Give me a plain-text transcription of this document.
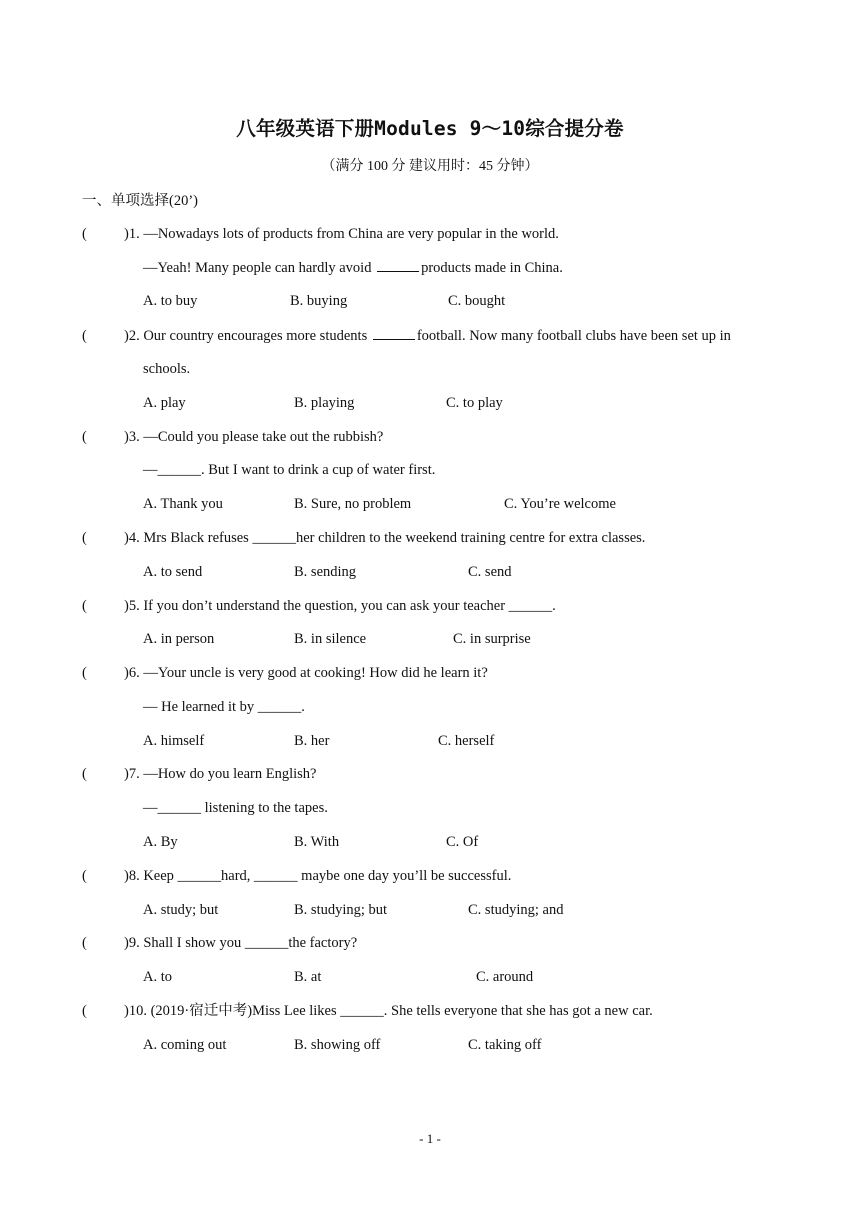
八年级英语下册Modules 9～10综合提分卷
（满分 100 分 建议用时：45 分钟）
一、单项选择(20’)
(	)1. —Nowadays lots of products from China are very popular in the world.
—Yeah! Many people can hardly avoid	products made in China.
A. to buy	B. buying	C. bought
(	)2. Our country encourages more students	football. Now many football clubs have been set up in
schools.
A. play	B. playing	C. to play
(	)3. —Could you please take out the rubbish?
—______. But I want to drink a cup of water first.
A. Thank you	B. Sure, no problem	C. You’re welcome
(	)4. Mrs Black refuses ______her children to the weekend training centre for extra classes.
A. to send	B. sending	C. send
(	)5. If you don’t understand the question, you can ask your teacher ______.
A. in person	B. in silence	C. in surprise
(	)6. —Your uncle is very good at cooking! How did he learn it?
— He learned it by ______.
A. himself	B. her	C. herself
(	)7. —How do you learn English?
—______ listening to the tapes.
A. By	B. With	C. Of
(	)8. Keep ______hard, ______ maybe one day you’ll be successful.
A. study; but	B. studying; but	C. studying; and
(	)9. Shall I show you ______the factory?
A. to	B. at	C. around
(	)10. (2019·宿迁中考)Miss Lee likes ______. She tells everyone that she has got a new car.
A. coming out	B. showing off	C. taking off
- 1 -
